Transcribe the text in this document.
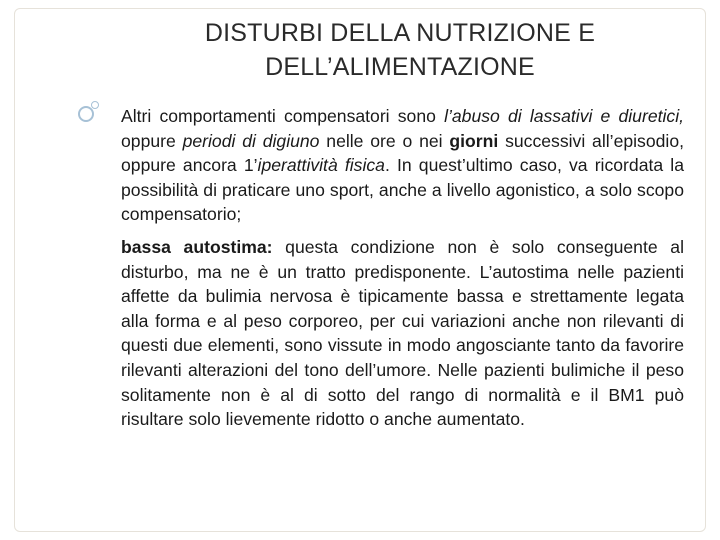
DISTURBI DELLA NUTRIZIONE E
DELL’ALIMENTAZIONE

Altri comportamenti compensatori sono l’abuso di lassativi e diuretici, oppure periodi di digiuno nelle ore o nei giorni successivi all’episodio, oppure ancora 1’iperattività fisica. In quest’ultimo caso, va ricordata la possibilità di praticare uno sport, anche a livello agonistico, a solo scopo compensatorio;

bassa autostima: questa condizione non è solo conseguente al disturbo, ma ne è un tratto predisponente. L’autostima nelle pazienti affette da bulimia nervosa è tipicamente bassa e strettamente legata alla forma e al peso corporeo, per cui variazioni anche non rilevanti di questi due elementi, sono vissute in modo angosciante tanto da favorire rilevanti alterazioni del tono dell’umore. Nelle pazienti bulimiche il peso solitamente non è al di sotto del rango di normalità e il BM1 può risultare solo lievemente ridotto o anche aumentato.
